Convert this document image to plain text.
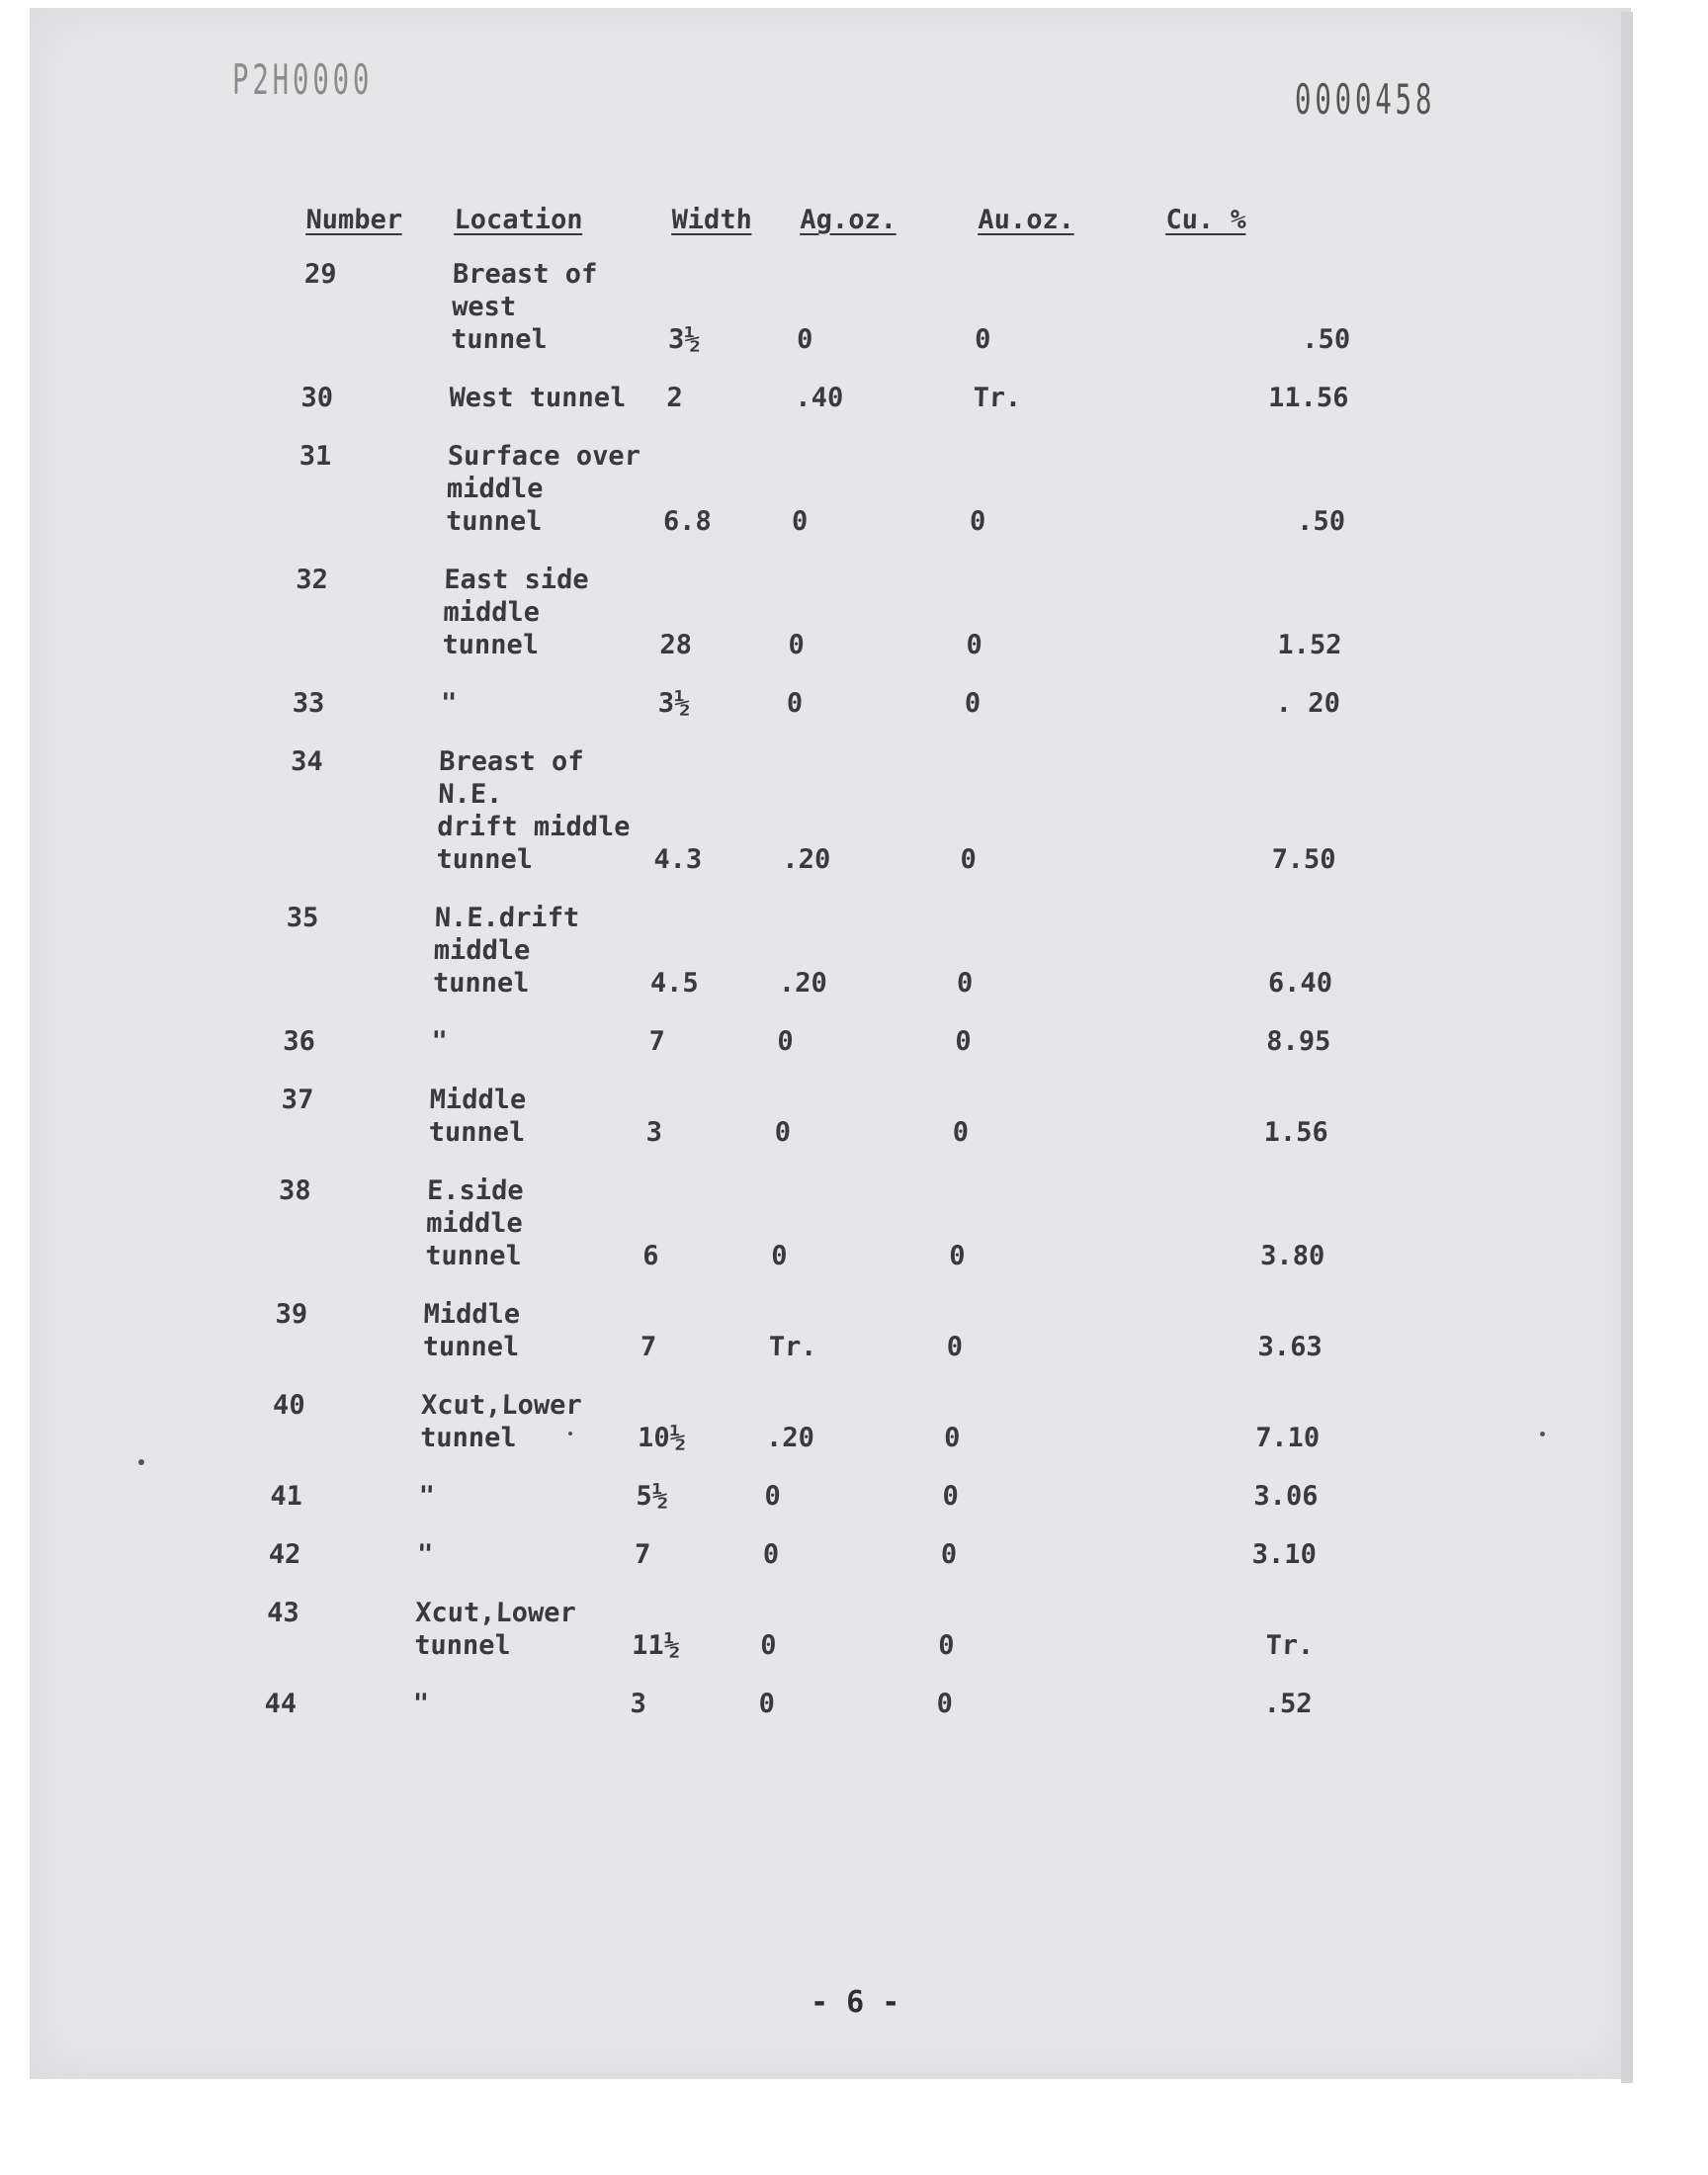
P2H0000	0000458
Number	Location	Width	Ag.oz.	Au.oz.	Cu. %
29	Breast of
west
tunnel	3½	0	0	.50
30	West tunnel	2	.40	Tr.	11.56
31	Surface over
middle
tunnel	6.8	0	0	.50
32	East side
middle
tunnel	28	0	0	1.52
33	"	3½	0	0	. 20
34	Breast of N.E.
drift middle
tunnel	4.3	.20	0	7.50
35	N.E.drift
middle
tunnel	4.5	.20	0	6.40
36	"	7	0	0	8.95
37	Middle
tunnel	3	0	0	1.56
38	E.side
middle
tunnel	6	0	0	3.80
39	Middle
tunnel	7	Tr.	0	3.63
40	Xcut,Lower
tunnel	10½	.20	0	7.10
41	"	5½	0	0	3.06
42	"	7	0	0	3.10
43	Xcut,Lower
tunnel	11½	0	0	Tr.
44	"	3	0	0	.52
- 6 -
